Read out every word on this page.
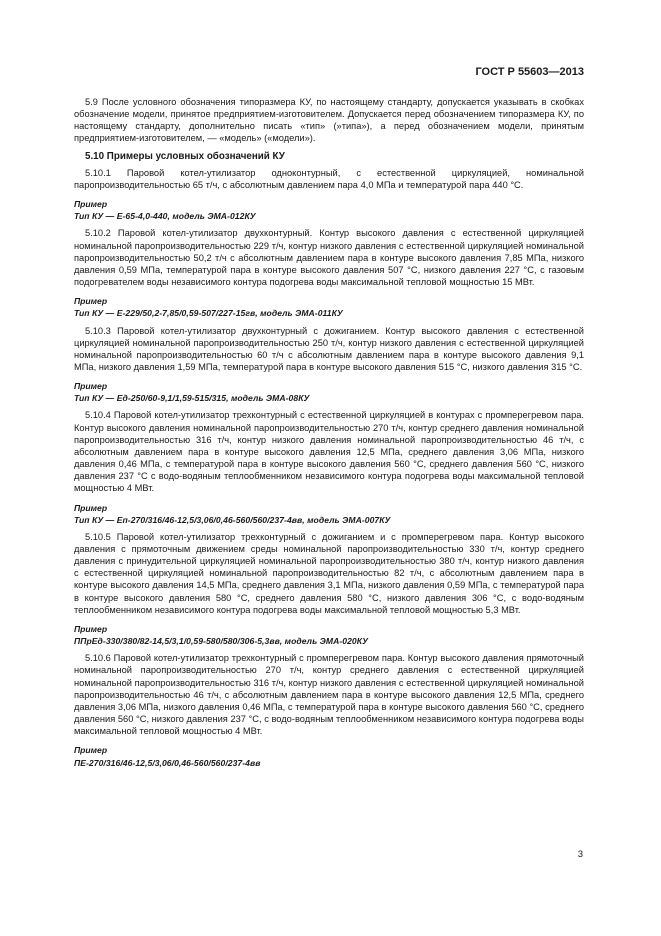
ГОСТ Р 55603—2013

5.9 После условного обозначения типоразмера КУ, по настоящему стандарту, допускается указывать в скобках обозначение модели, принятое предприятием-изготовителем. Допускается перед обозначением типоразмера КУ, по настоящему стандарту, дополнительно писать «тип» (»типа»), а перед обозначением модели, принятым предприятием-изготовителем, — «модель» («модели»).

5.10 Примеры условных обозначений КУ

5.10.1 Паровой котел-утилизатор одноконтурный, с естественной циркуляцией, номинальной паропроизводительностью 65 т/ч, с абсолютным давлением пара 4,0 МПа и температурой пара 440 °С.

Пример

Тип КУ — Е-65-4,0-440, модель ЭМА-012КУ

5.10.2 Паровой котел-утилизатор двухконтурный. Контур высокого давления с естественной циркуляцией номинальной паропроизводительностью 229 т/ч, контур низкого давления с естественной циркуляцией номинальной паропроизводительностью 50,2 т/ч с абсолютным давлением пара в контуре высокого давления 7,85 МПа, низкого давления 0,59 МПа, температурой пара в контуре высокого давления 507 °С, низкого давления 227 °С, с газовым подогревателем воды независимого контура подогрева воды максимальной тепловой мощностью 15 МВт.

Пример

Тип КУ — Е-229/50,2-7,85/0,59-507/227-15гв, модель ЭМА-011КУ

5.10.3 Паровой котел-утилизатор двухконтурный с дожиганием. Контур высокого давления с естественной циркуляцией номинальной паропроизводительностью 250 т/ч, контур низкого давления с естественной циркуляцией номинальной паропроизводительностью 60 т/ч с абсолютным давлением пара в контуре высокого давления 9,1 МПа, низкого давления 1,59 МПа, температурой пара в контуре высокого давления 515 °С, низкого давления 315 °С.

Пример

Тип КУ — Ед-250/60-9,1/1,59-515/315, модель ЭМА-08КУ

5.10.4 Паровой котел-утилизатор трехконтурный с естественной циркуляцией в контурах с промперегревом пара. Контур высокого давления номинальной паропроизводительностью 270 т/ч, контур среднего давления номинальной паропроизводительностью 316 т/ч, контур низкого давления номинальной паропроизводительностью 46 т/ч, с абсолютным давлением пара в контуре высокого давления 12,5 МПа, среднего давления 3,06 МПа, низкого давления 0,46 МПа, с температурой пара в контуре высокого давления 560 °С, среднего давления 560 °С, низкого давления 237 °С с водо-водяным теплообменником независимого контура подогрева воды максимальной тепловой мощностью 4 МВт.

Пример

Тип КУ — Еп-270/316/46-12,5/3,06/0,46-560/560/237-4вв, модель ЭМА-007КУ

5.10.5 Паровой котел-утилизатор трехконтурный с дожиганием и с промперегревом пара. Контур высокого давления с прямоточным движением среды номинальной паропроизводительностью 330 т/ч, контур среднего давления с принудительной циркуляцией номинальной паропроизводительностью 380 т/ч, контур низкого давления с естественной циркуляцией номинальной паропроизводительностью 82 т/ч, с абсолютным давлением пара в контуре высокого давления 14,5 МПа, среднего давления 3,1 МПа, низкого давления 0,59 МПа, с температурой пара в контуре высокого давления 580 °С, среднего давления 580 °С, низкого давления 306 °С, с водо-водяным теплообменником независимого контура подогрева воды максимальной тепловой мощностью 5,3 МВт.

Пример

ППрЕд-330/380/82-14,5/3,1/0,59-580/580/306-5,3вв, модель ЭМА-020КУ

5.10.6 Паровой котел-утилизатор трехконтурный с промперегревом пара. Контур высокого давления прямоточный номинальной паропроизводительностью 270 т/ч, контур среднего давления с естественной циркуляцией номинальной паропроизводительностью 316 т/ч, контур низкого давления с естественной циркуляцией номинальной паропроизводительностью 46 т/ч, с абсолютным давлением пара в контуре высокого давления 12,5 МПа, среднего давления 3,06 МПа, низкого давления 0,46 МПа, с температурой пара в контуре высокого давления 560 °С, среднего давления 560 °С, низкого давления 237 °С, с водо-водяным теплообменником независимого контура подогрева воды максимальной тепловой мощностью 4 МВт.

Пример

ПЕ-270/316/46-12,5/3,06/0,46-560/560/237-4вв

3
